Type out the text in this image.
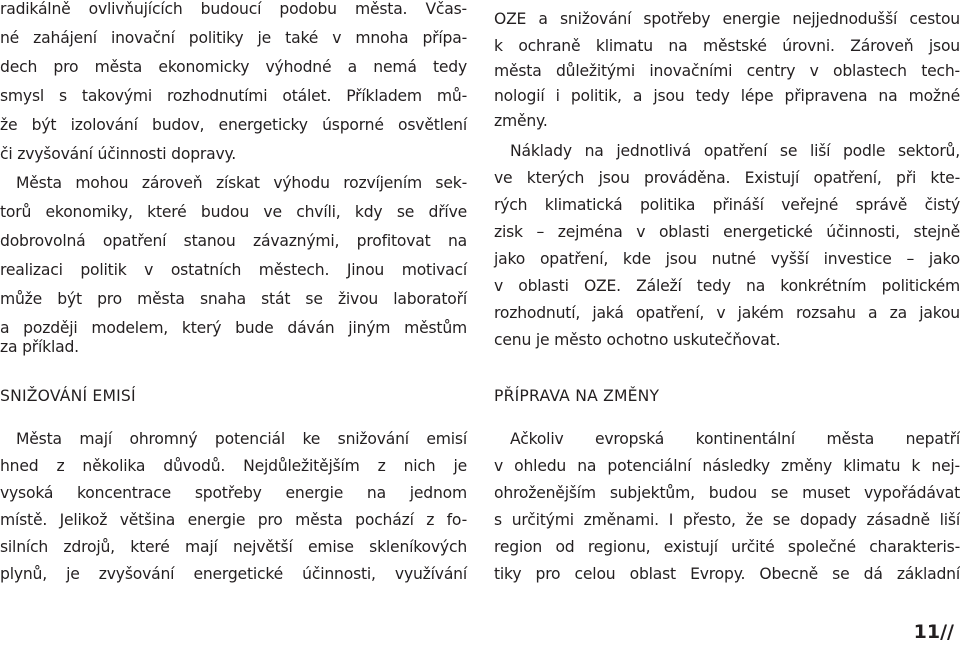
radikálně ovlivňujících budoucí podobu města. Včas-
né zahájení inovační politiky je také v mnoha přípa-
dech pro města ekonomicky výhodné a nemá tedy
smysl s takovými rozhodnutími otálet. Příkladem mů-
že být izolování budov, energeticky úsporné osvětlení
či zvyšování účinnosti dopravy.
Města mohou zároveň získat výhodu rozvíjením sek-
torů ekonomiky, které budou ve chvíli, kdy se dříve
dobrovolná opatření stanou závaznými, profitovat na
realizaci politik v ostatních městech. Jinou motivací
může být pro města snaha stát se živou laboratoří
a později modelem, který bude dáván jiným městům
za příklad.
SNIŽOVÁNÍ EMISÍ
Města mají ohromný potenciál ke snižování emisí
hned z několika důvodů. Nejdůležitějším z nich je
vysoká koncentrace spotřeby energie na jednom
místě. Jelikož většina energie pro města pochází z fo-
silních zdrojů, které mají největší emise skleníkových
plynů, je zvyšování energetické účinnosti, využívání
OZE a snižování spotřeby energie nejjednodušší cestou
k ochraně klimatu na městské úrovni. Zároveň jsou
města důležitými inovačními centry v oblastech tech-
nologií i politik, a jsou tedy lépe připravena na možné
změny.
Náklady na jednotlivá opatření se liší podle sektorů,
ve kterých jsou prováděna. Existují opatření, při kte-
rých klimatická politika přináší veřejné správě čistý
zisk – zejména v oblasti energetické účinnosti, stejně
jako opatření, kde jsou nutné vyšší investice – jako
v oblasti OZE. Záleží tedy na konkrétním politickém
rozhodnutí, jaká opatření, v jakém rozsahu a za jakou
cenu je město ochotno uskutečňovat.
PŘÍPRAVA NA ZMĚNY
Ačkoliv evropská kontinentální města nepatří
v ohledu na potenciální následky změny klimatu k nej-
ohroženějším subjektům, budou se muset vypořádávat
s určitými změnami. I přesto, že se dopady zásadně liší
region od regionu, existují určité společné charakteris-
tiky pro celou oblast Evropy. Obecně se dá základní
11//
